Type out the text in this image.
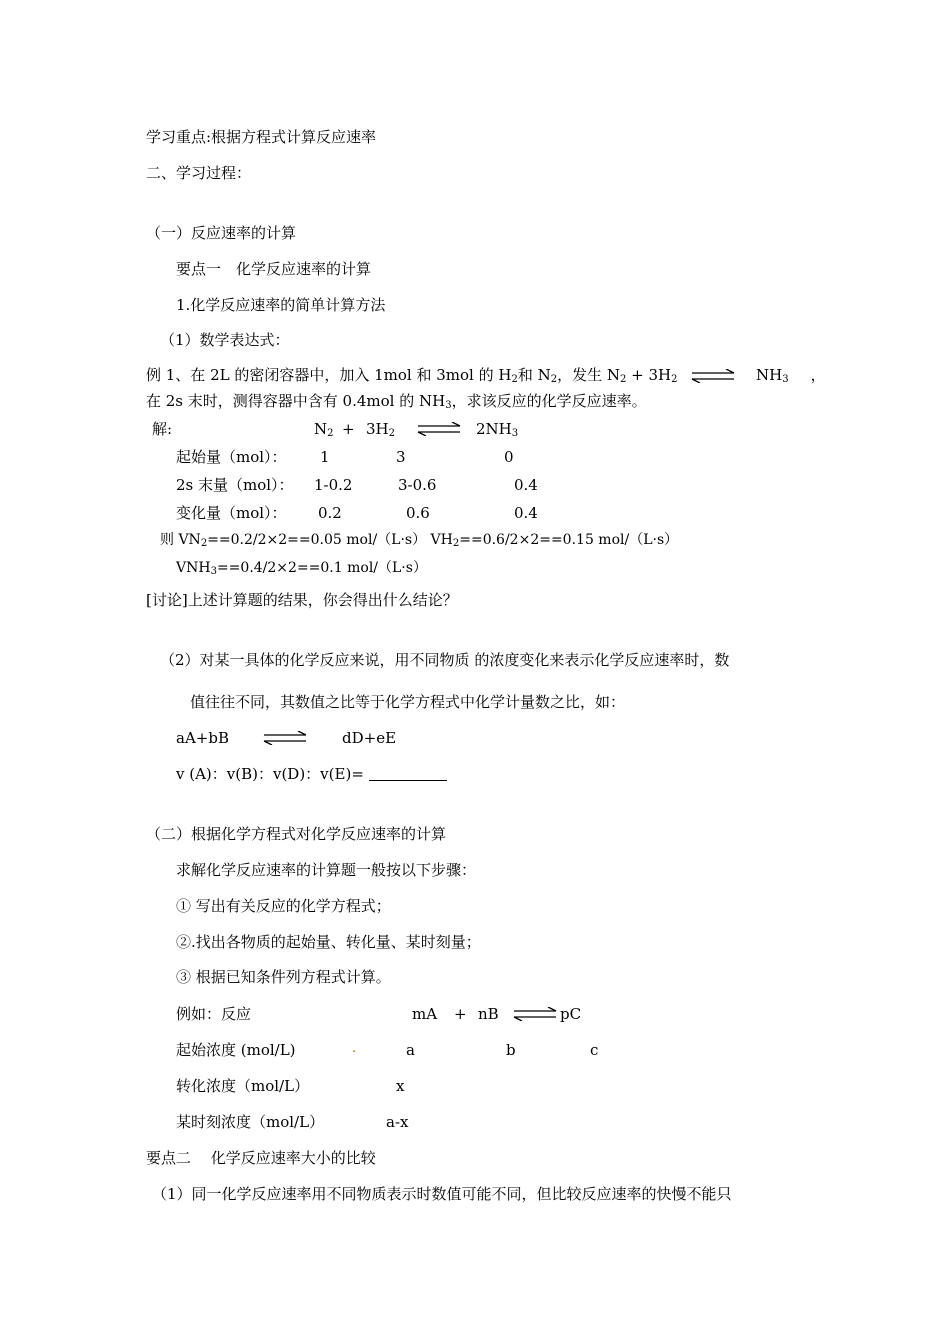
学习重点:根据方程式计算反应速率
二、学习过程：
（一）反应速率的计算
要点一　化学反应速率的计算
1.化学反应速率的简单计算方法
（1）数学表达式：
例 1、在 2L 的密闭容器中，加入 1mol 和 3mol 的 $H_2$和 $N_2$，发生 $N_2 + 3H_2$	$NH_3$ ，
在 2s 末时，测得容器中含有 0.4mol 的 $NH_3$，求该反应的化学反应速率。
解:	$N_2 + 3H_2$	$2NH_3$
起始量（mol）： 1	3	0
2s 末量（mol）： 1-0.2	3-0.6	0.4
变化量（mol）： 0.2	0.6	0.4
则 $VN_2==0.2/2\times 2==0.05$ mol/（L·s） $VH_2==0.6/2\times 2==0.15$ mol/（L·s）
$VNH_3==0.4/2\times 2==0.1$ mol/（L·s）
[讨论]上述计算题的结果，你会得出什么结论？
（2）对某一具体的化学反应来说，用不同物质 的浓度变化来表示化学反应速率时，数
值往往不同，其数值之比等于化学方程式中化学计量数之比，如：
aA+bB	dD+eE
v (A)：v(B)：v(D)：v(E)=
（二）根据化学方程式对化学反应速率的计算
求解化学反应速率的计算题一般按以下步骤：
① 写出有关反应的化学方程式；
②.找出各物质的起始量、转化量、某时刻量；
③ 根据已知条件列方程式计算。
例如：反应	mA + nB	pC
起始浓度 (mol/L)	.	a	b	c
转化浓度（mol/L）	x
某时刻浓度（mol/L）	a-x
要点二　 化学反应速率大小的比较
（1）同一化学反应速率用不同物质表示时数值可能不同，但比较反应速率的快慢不能只
